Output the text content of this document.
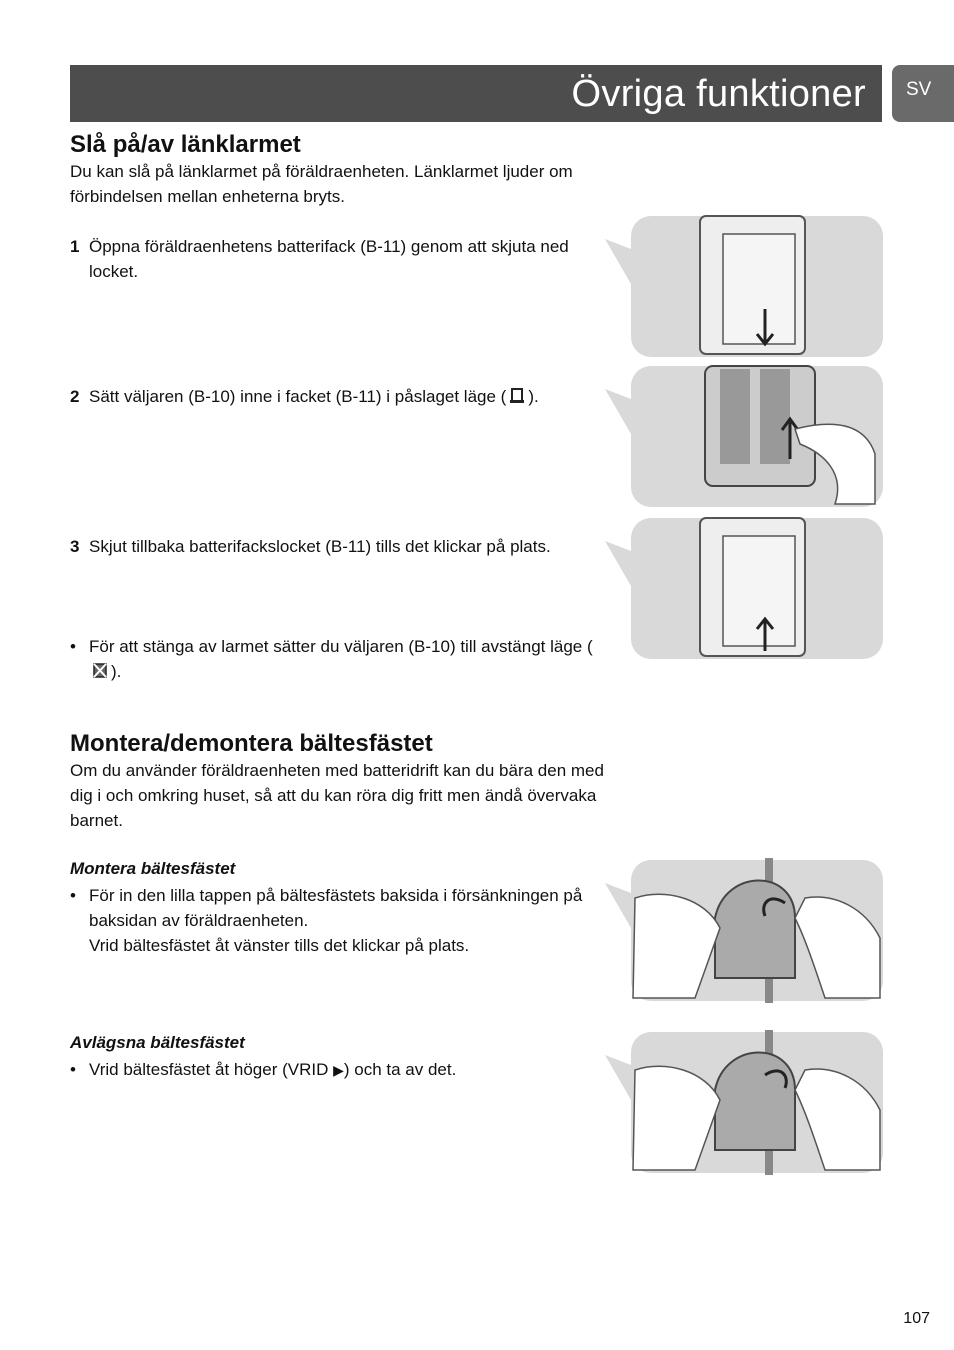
Övriga funktioner SV
Slå på/av länklarmet

Du kan slå på länklarmet på föräldraenheten. Länklarmet ljuder om förbindelsen mellan enheterna bryts.

1 Öppna föräldraenhetens batterifack (B-11) genom att skjuta ned locket.
2 Sätt väljaren (B-10) inne i facket (B-11) i påslaget läge ( ).
3 Skjut tillbaka batterifackslocket (B-11) tills det klickar på plats.
• För att stänga av larmet sätter du väljaren (B-10) till avstängt läge ().
Montera/demontera bältesfästet

Om du använder föräldraenheten med batteridrift kan du bära den med dig i och omkring huset, så att du kan röra dig fritt men ändå övervaka barnet.

Montera bältesfästet

• För in den lilla tappen på bältesfästets baksida i försänkningen på baksidan av föräldraenheten.
Vrid bältesfästet åt vänster tills det klickar på plats.

Avlägsna bältesfästet

• Vrid bältesfästet åt höger (VRID ▶) och ta av det.
107
